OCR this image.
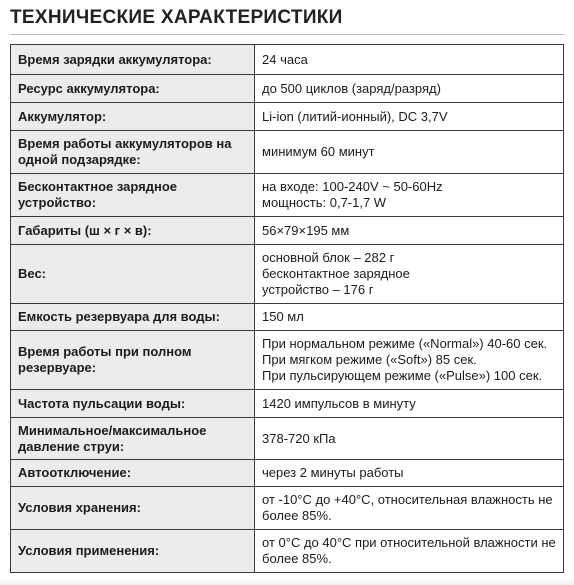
ТЕХНИЧЕСКИЕ ХАРАКТЕРИСТИКИ
Время зарядки аккумулятора:	24 часа
Ресурс аккумулятора:	до 500 циклов (заряд/разряд)
Аккумулятор:	Li-ion (литий-ионный), DC 3,7V
Время работы аккумуляторов на одной подзарядке:	минимум 60 минут
Бесконтактное зарядное устройство:	на входе: 100-240V ~ 50-60Hz
мощность: 0,7-1,7 W

Габариты (ш × г × в):	56×79×195 мм
Вес:	основной блок – 282 г
бесконтактное зарядное
устройство – 176 г

Емкость резервуара для воды:	150 мл
Время работы при полном резервуаре:	При нормальном режиме («Normal») 40-60 сек.
При мягком режиме («Soft») 85 сек.
При пульсирующем режиме («Pulse») 100 сек.

Частота пульсации воды:	1420 импульсов в минуту
Минимальное/максимальное давление струи:	378-720 кПа
Автоотключение:	через 2 минуты работы
Условия хранения:	от -10°C до +40°C, относительная влажность не более 85%.
Условия применения:	от 0°C до 40°C при относительной влажности не более 85%.
